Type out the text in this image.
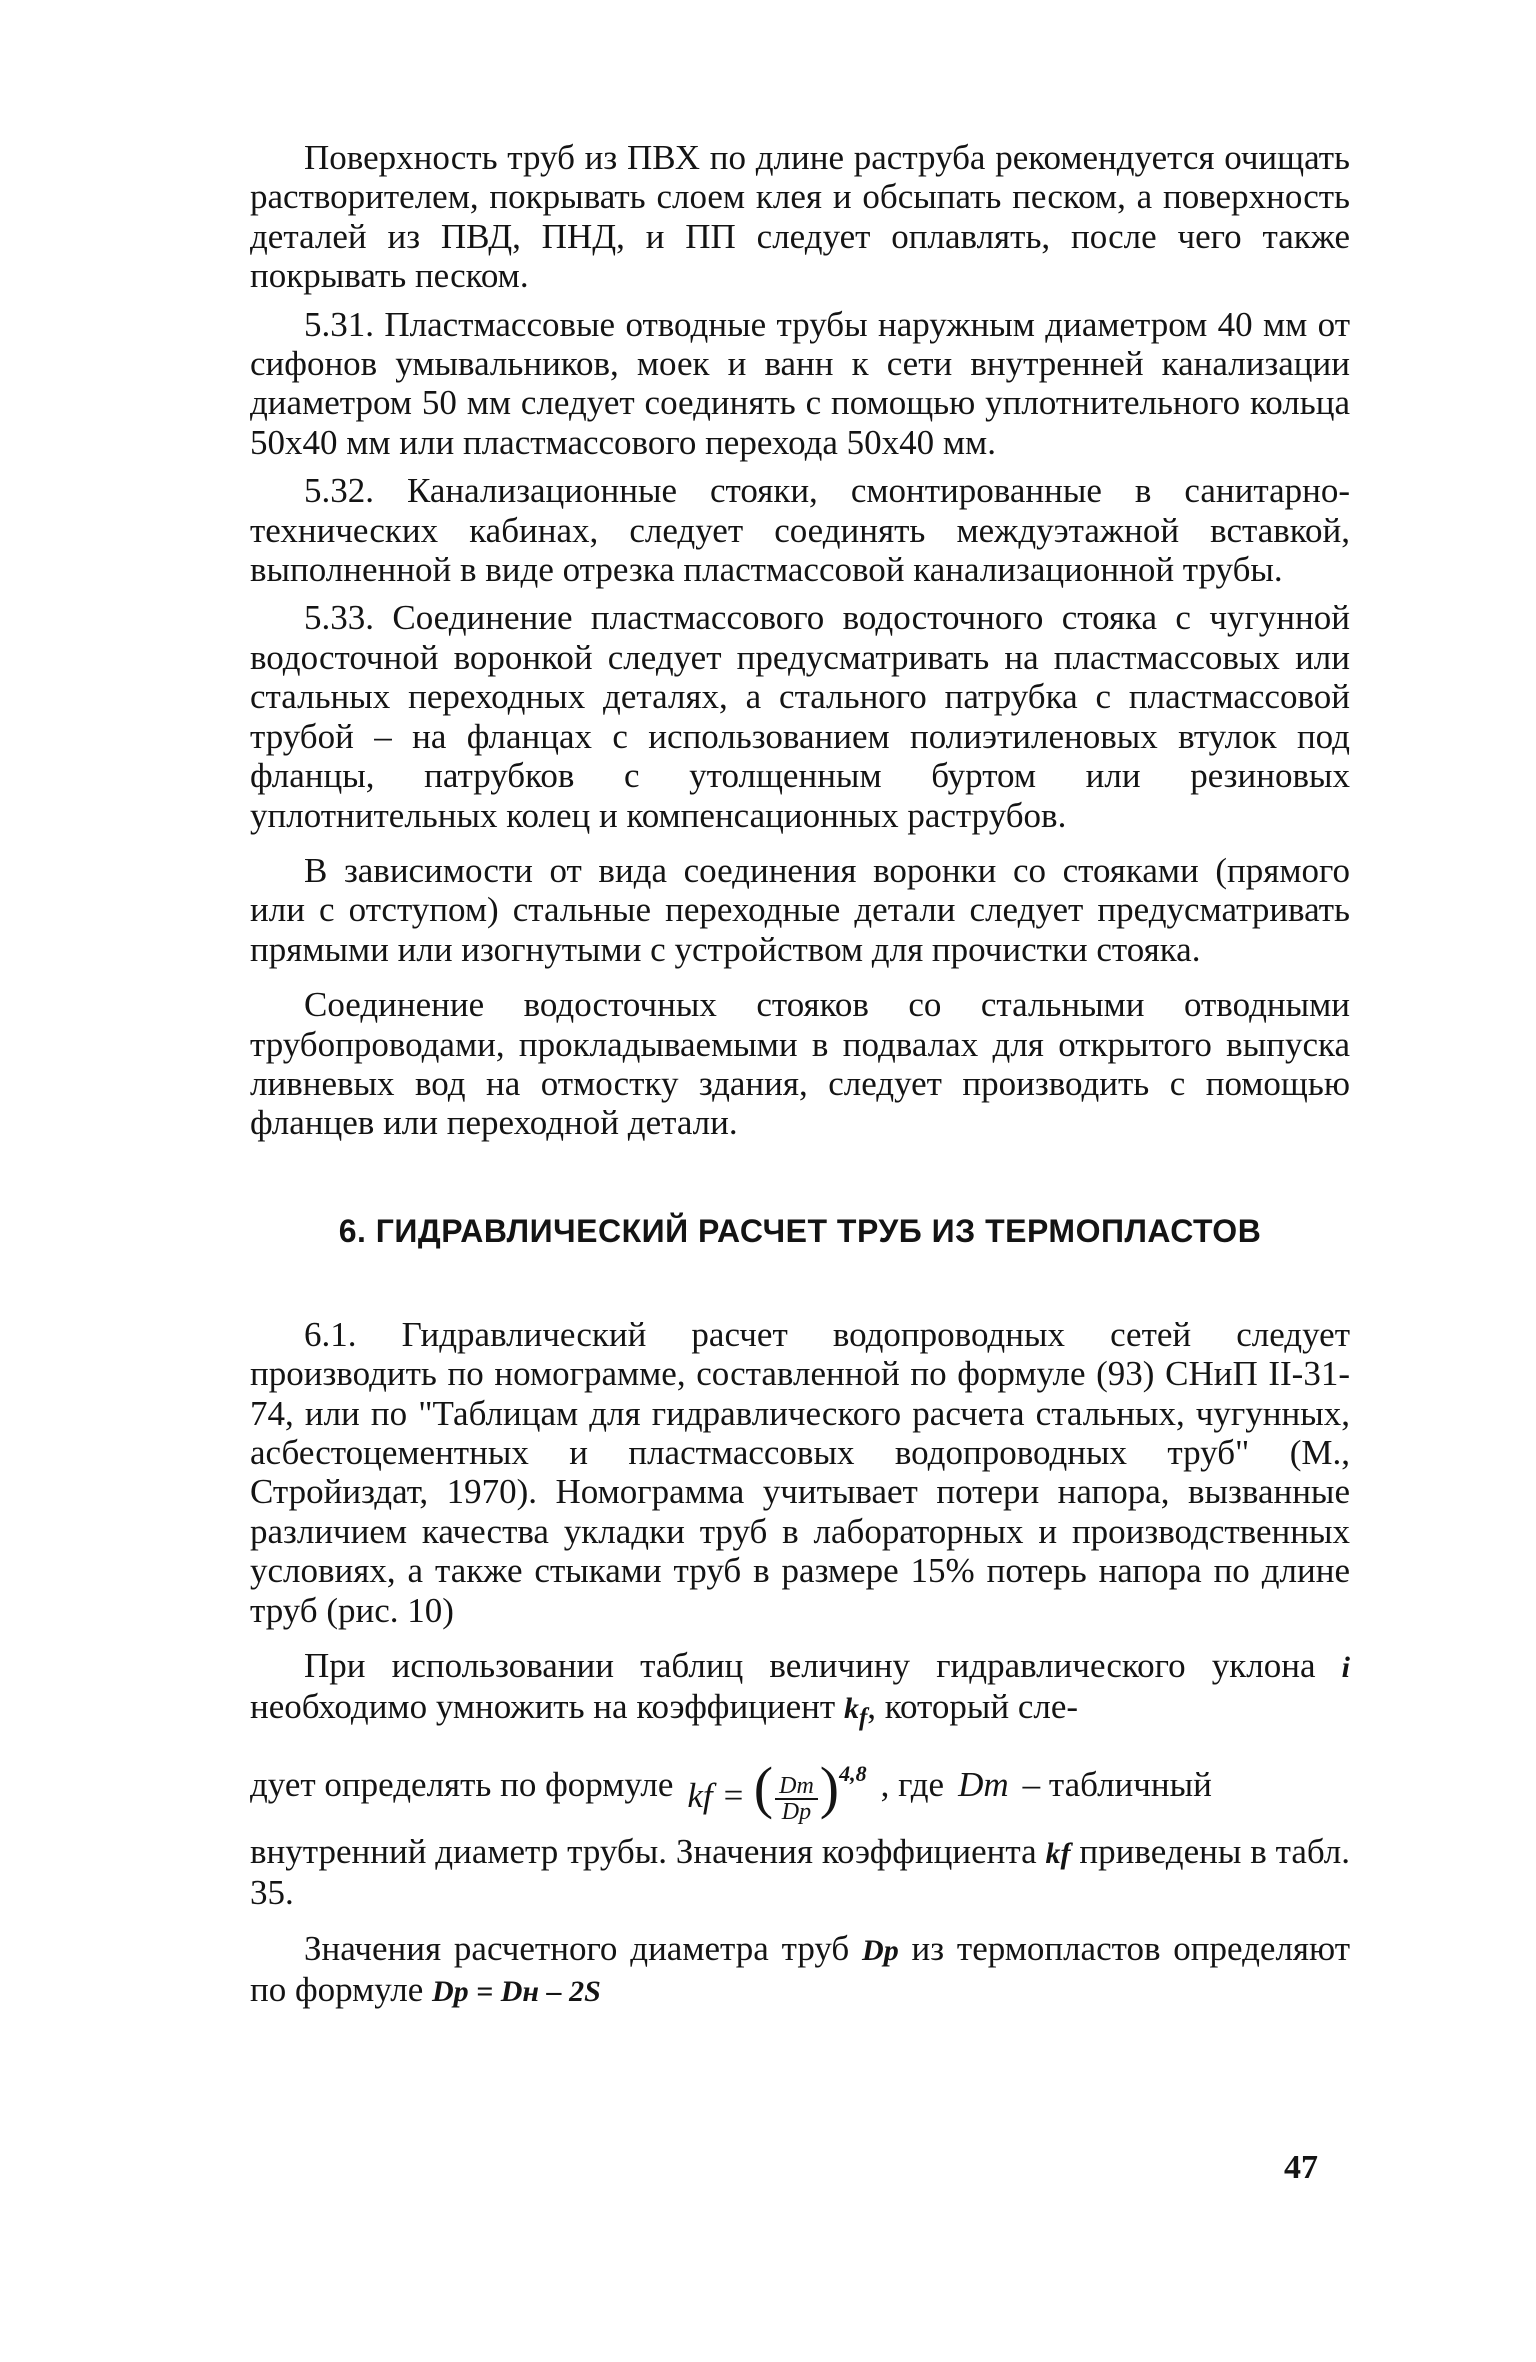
Поверхность труб из ПВХ по длине раструба рекомендуется очищать растворителем, покрывать слоем клея и обсыпать песком, а поверхность деталей из ПВД, ПНД, и ПП следует оплавлять, после чего также покрывать песком.

5.31. Пластмассовые отводные трубы наружным диаметром 40 мм от сифонов умывальников, моек и ванн к сети внутренней канализации диаметром 50 мм следует соединять с помощью уплотнительного кольца 50х40 мм или пластмассового перехода 50х40 мм.

5.32. Канализационные стояки, смонтированные в санитарно-технических кабинах, следует соединять междуэтажной вставкой, выполненной в виде отрезка пластмассовой канализационной трубы.

5.33. Соединение пластмассового водосточного стояка с чугунной водосточной воронкой следует предусматривать на пластмассовых или стальных переходных деталях, а стального патрубка с пластмассовой трубой – на фланцах с использованием полиэтиленовых втулок под фланцы, патрубков с утолщенным буртом или резиновых уплотнительных колец и компенсационных раструбов.

В зависимости от вида соединения воронки со стояками (прямого или с отступом) стальные переходные детали следует предусматривать прямыми или изогнутыми с устройством для прочистки стояка.

Соединение водосточных стояков со стальными отводными трубопроводами, прокладываемыми в подвалах для открытого выпуска ливневых вод на отмостку здания, следует производить с помощью фланцев или переходной детали.

6. ГИДРАВЛИЧЕСКИЙ РАСЧЕТ ТРУБ ИЗ ТЕРМОПЛАСТОВ

6.1. Гидравлический расчет водопроводных сетей следует производить по номограмме, составленной по формуле (93) СНиП II-31-74, или по "Таблицам для гидравлического расчета стальных, чугунных, асбестоцементных и пластмассовых водопроводных труб" (М., Стройиздат, 1970). Номограмма учитывает потери напора, вызванные различием качества укладки труб в лабораторных и производственных условиях, а также стыками труб в размере 15% потерь напора по длине труб (рис. 10)

При использовании таблиц величину гидравлического уклона i необходимо умножить на коэффициент $k_f$, который сле-

дует определять по формуле kf = ( $\frac{Dт}{Dр} )^{4,8}$ , где Dт – табличный

внутренний диаметр трубы. Значения коэффициента kf приведены в табл. 35.

Значения расчетного диаметра труб Dр из термопластов определяют по формуле Dр = Dн – 2S

47
